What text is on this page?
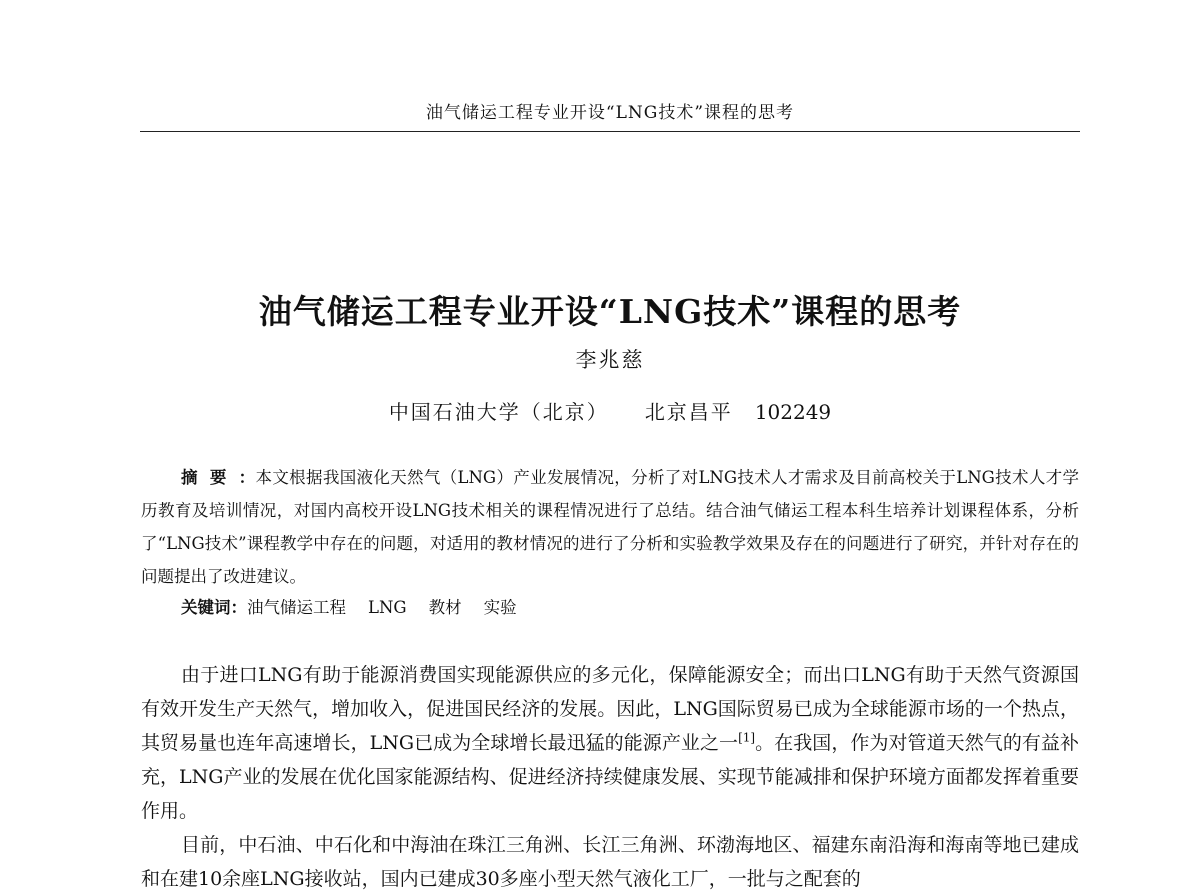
油气储运工程专业开设“LNG技术”课程的思考
油气储运工程专业开设“LNG技术”课程的思考
李兆慈
中国石油大学（北京） 北京昌平 102249

摘要：本文根据我国液化天然气（LNG）产业发展情况，分析了对LNG技术人才需求及目前高校关于LNG技术人才学历教育及培训情况，对国内高校开设LNG技术相关的课程情况进行了总结。结合油气储运工程本科生培养计划课程体系，分析了“LNG技术”课程教学中存在的问题，对适用的教材情况的进行了分析和实验教学效果及存在的问题进行了研究，并针对存在的问题提出了改进建议。

关键词：油气储运工程 LNG 教材 实验

由于进口LNG有助于能源消费国实现能源供应的多元化，保障能源安全；而出口LNG有助于天然气资源国有效开发生产天然气，增加收入，促进国民经济的发展。因此，LNG国际贸易已成为全球能源市场的一个热点，其贸易量也连年高速增长，LNG已成为全球增长最迅猛的能源产业之一[1]。在我国，作为对管道天然气的有益补充，LNG产业的发展在优化国家能源结构、促进经济持续健康发展、实现节能减排和保护环境方面都发挥着重要作用。

目前，中石油、中石化和中海油在珠江三角洲、长江三角洲、环渤海地区、福建东南沿海和海南等地已建成和在建10余座LNG接收站，国内已建成30多座小型天然气液化工厂，一批与之配套的
